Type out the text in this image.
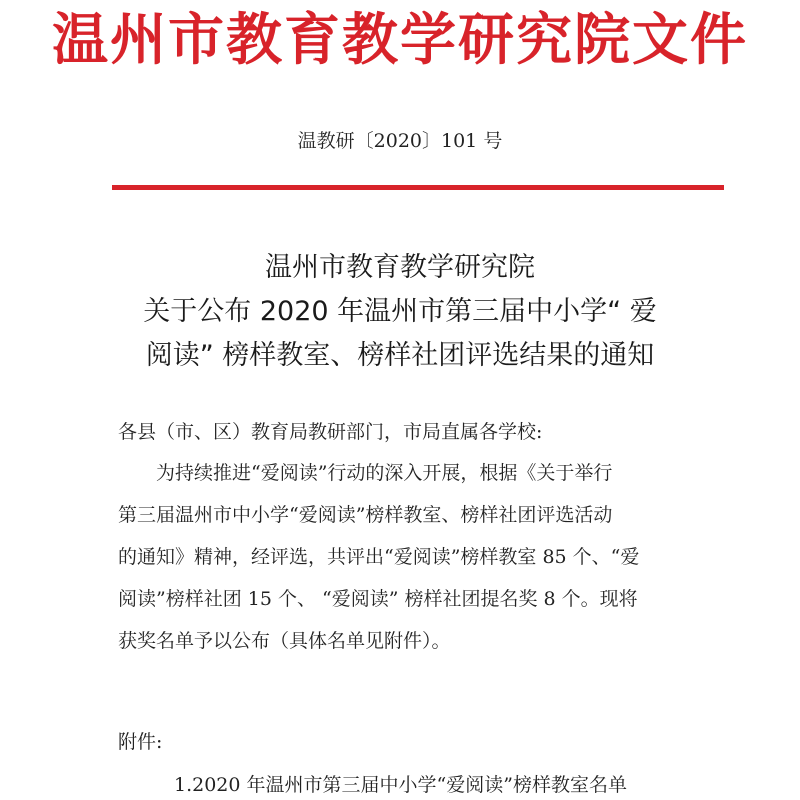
温州市教育教学研究院文件
温教研〔2020〕101 号
温州市教育教学研究院
关于公布 2020 年温州市第三届中小学“ 爱
阅读” 榜样教室、榜样社团评选结果的通知
各县（市、区）教育局教研部门，市局直属各学校:
为持续推进“爱阅读”行动的深入开展，根据《关于举行
第三届温州市中小学“爱阅读”榜样教室、榜样社团评选活动
的通知》精神，经评选，共评出“爱阅读”榜样教室 85 个、“爱
阅读”榜样社团 15 个、 “爱阅读” 榜样社团提名奖 8 个。现将
获奖名单予以公布（具体名单见附件）。
附件:
1.2020 年温州市第三届中小学“爱阅读”榜样教室名单
